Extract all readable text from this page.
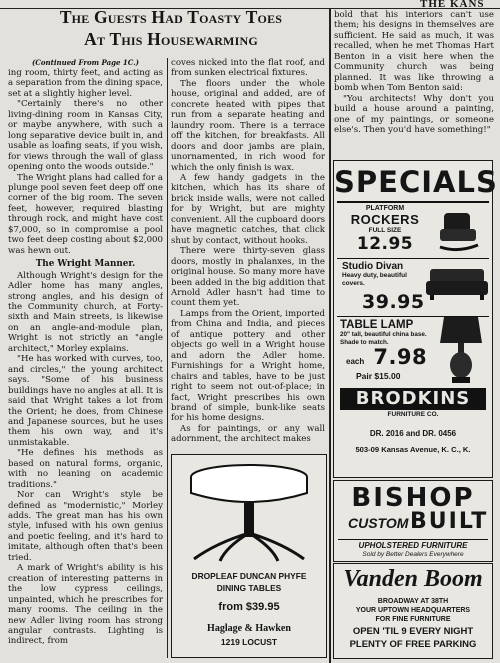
THE KANS
The Guests Had Toasty Toes
At This Housewarming

(Continued From Page 1C.)

ing room, thirty feet, and acting as a separation from the dining space, set at a slightly higher level.

"Certainly there's no other living-dining room in Kansas City, or maybe anywhere, with such a long separative device built in, and usable as loafing seats, if you wish, for views through the wall of glass opening onto the woods outside."

The Wright plans had called for a plunge pool seven feet deep off one corner of the big room. The seven feet, however, required blasting through rock, and might have cost $7,000, so in compromise a pool two feet deep costing about $2,000 was hewn out.

The Wright Manner.

Although Wright's design for the Adler home has many angles, strong angles, and his design of the Community church, at Forty-sixth and Main streets, is likewise on an angle-and-module plan, Wright is not strictly an "angle architect," Morley explains.

"He has worked with curves, too, and circles," the young architect says. "Some of his business buildings have no angles at all. It is said that Wright takes a lot from the Orient; he does, from Chinese and Japanese sources, but he uses them his own way, and it's unmistakable.

"He defines his methods as based on natural forms, organic, with no leaning on academic traditions."

Nor can Wright's style be defined as "modernistic," Morley adds. The great man has his own style, infused with his own genius and poetic feeling, and it's hard to imitate, although often that's been tried.

A mark of Wright's ability is his creation of interesting patterns in the low cypress ceilings, unpainted, which he prescribes for many rooms. The ceiling in the new Adler living room has strong angular contrasts. Lighting is indirect, from

coves nicked into the flat roof, and from sunken electrical fixtures.

The floors under the whole house, original and added, are of concrete heated with pipes that run from a separate heating and laundry room. There is a terrace off the kitchen, for breakfasts. All doors and door jambs are plain, unornamented, in rich wood for which the only finish is wax.

A few handy gadgets in the kitchen, which has its share of brick inside walls, were not called for by Wright, but are mighty convenient. All the cupboard doors have magnetic catches, that click shut by contact, without hooks.

There were thirty-seven glass doors, mostly in phalanxes, in the original house. So many more have been added in the big addition that Arnold Adler hasn't had time to count them yet.

Lamps from the Orient, imported from China and India, and pieces of antique pottery and other objects go well in a Wright house and adorn the Adler home. Furnishings for a Wright home, chairs and tables, have to be just right to seem not out-of-place; in fact, Wright prescribes his own brand of simple, bunk-like seats for his home designs.

As for paintings, or any wall adornment, the architect makes

bold that his interiors can't use them; his designs in themselves are sufficient. He said as much, it was recalled, when he met Thomas Hart Benton in a visit here when the Community church was being planned. It was like throwing a bomb when Tom Benton said:

"You architects! Why don't you build a house around a painting, one of my paintings, or someone else's. Then you'd have something!"

SPECIALS
PLATFORM
ROCKERS
FULL SIZE
12.95
Studio Divan
Heavy duty, beautiful covers.
39.95
TABLE LAMP
20" tall, beautiful china base. Shade to match.
each 7.98
Pair $15.00
BRODKINS
FURNITURE CO.
DR. 2016 and DR. 0456
503-09 Kansas Avenue, K. C., K.
DROPLEAF DUNCAN PHYFE
DINING TABLES
from $39.95
Haglage & Hawken
1219 LOCUST
BISHOP
CUSTOM BUILT
UPHOLSTERED FURNITURE
Sold by Better Dealers Everywhere
Vanden Boom
BROADWAY AT 38TH
YOUR UPTOWN HEADQUARTERS
FOR FINE FURNITURE
OPEN 'TIL 9 EVERY NIGHT
PLENTY OF FREE PARKING
